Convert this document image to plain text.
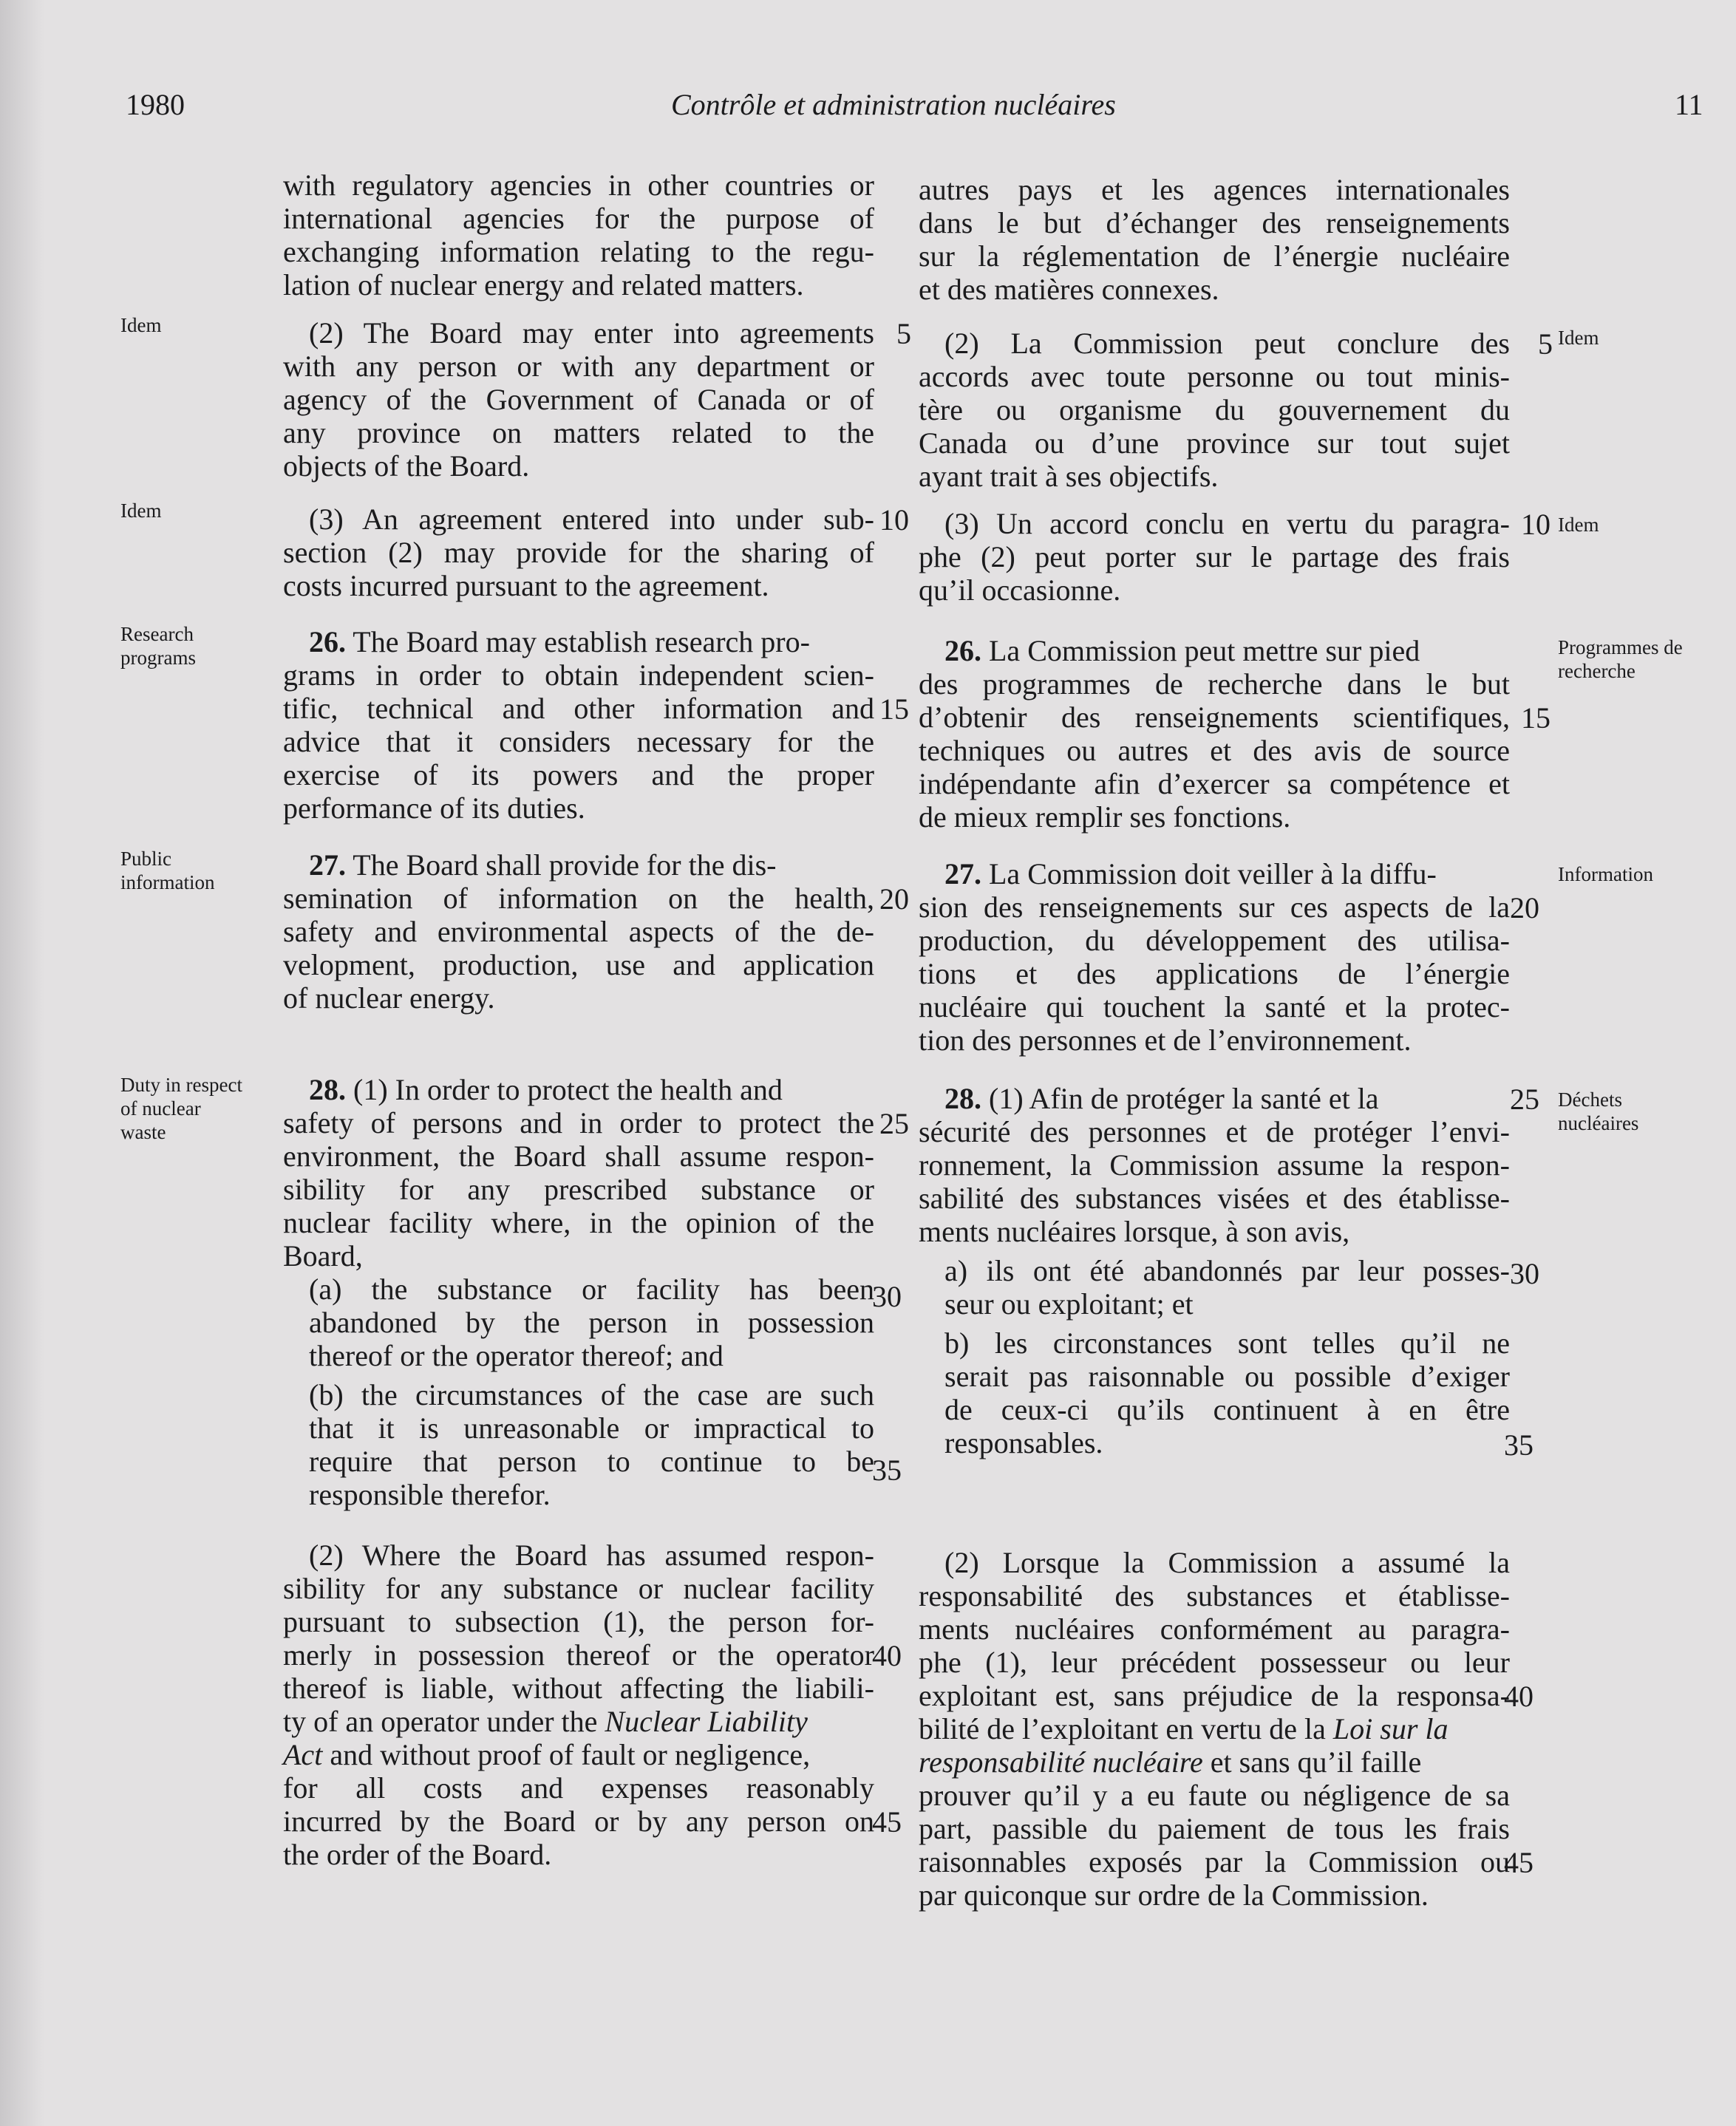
1980	Contrôle et administration nucléaires	11
with regulatory agencies in other countries or
international agencies for the purpose of
exchanging information relating to the regu-
lation of nuclear energy and related matters.
(2) The Board may enter into agreements
with any person or with any department or
agency of the Government of Canada or of
any province on matters related to the
objects of the Board.
(3) An agreement entered into under sub-
section (2) may provide for the sharing of
costs incurred pursuant to the agreement.
26. The Board may establish research pro-
grams in order to obtain independent scien-
tific, technical and other information and
advice that it considers necessary for the
exercise of its powers and the proper
performance of its duties.
27. The Board shall provide for the dis-
semination of information on the health,
safety and environmental aspects of the de-
velopment, production, use and application
of nuclear energy.
28. (1) In order to protect the health and
safety of persons and in order to protect the
environment, the Board shall assume respon-
sibility for any prescribed substance or
nuclear facility where, in the opinion of the
Board,
(a) the substance or facility has been
abandoned by the person in possession
thereof or the operator thereof; and
(b) the circumstances of the case are such
that it is unreasonable or impractical to
require that person to continue to be
responsible therefor.
(2) Where the Board has assumed respon-
sibility for any substance or nuclear facility
pursuant to subsection (1), the person for-
merly in possession thereof or the operator
thereof is liable, without affecting the liabili-
ty of an operator under the Nuclear Liability
Act and without proof of fault or negligence,
for all costs and expenses reasonably
incurred by the Board or by any person on
the order of the Board.
autres pays et les agences internationales
dans le but d’échanger des renseignements
sur la réglementation de l’énergie nucléaire
et des matières connexes.
(2) La Commission peut conclure des
accords avec toute personne ou tout minis-
tère ou organisme du gouvernement du
Canada ou d’une province sur tout sujet
ayant trait à ses objectifs.
(3) Un accord conclu en vertu du paragra-
phe (2) peut porter sur le partage des frais
qu’il occasionne.
26. La Commission peut mettre sur pied
des programmes de recherche dans le but
d’obtenir des renseignements scientifiques,
techniques ou autres et des avis de source
indépendante afin d’exercer sa compétence et
de mieux remplir ses fonctions.
27. La Commission doit veiller à la diffu-
sion des renseignements sur ces aspects de la
production, du développement des utilisa-
tions et des applications de l’énergie
nucléaire qui touchent la santé et la protec-
tion des personnes et de l’environnement.
28. (1) Afin de protéger la santé et la
sécurité des personnes et de protéger l’envi-
ronnement, la Commission assume la respon-
sabilité des substances visées et des établisse-
ments nucléaires lorsque, à son avis,
a) ils ont été abandonnés par leur posses-
seur ou exploitant; et
b) les circonstances sont telles qu’il ne
serait pas raisonnable ou possible d’exiger
de ceux-ci qu’ils continuent à en être
responsables.
(2) Lorsque la Commission a assumé la
responsabilité des substances et établisse-
ments nucléaires conformément au paragra-
phe (1), leur précédent possesseur ou leur
exploitant est, sans préjudice de la responsa-
bilité de l’exploitant en vertu de la Loi sur la
responsabilité nucléaire et sans qu’il faille
prouver qu’il y a eu faute ou négligence de sa
part, passible du paiement de tous les frais
raisonnables exposés par la Commission ou
par quiconque sur ordre de la Commission.
5
10
15
20
25
30
35
40
45
5
10
15
20
25
30
35
40
45
Idem
Idem
Research
programs
Public
information
Duty in respect
of nuclear
waste
Idem
Idem
Programmes de
recherche
Information
Déchets
nucléaires
